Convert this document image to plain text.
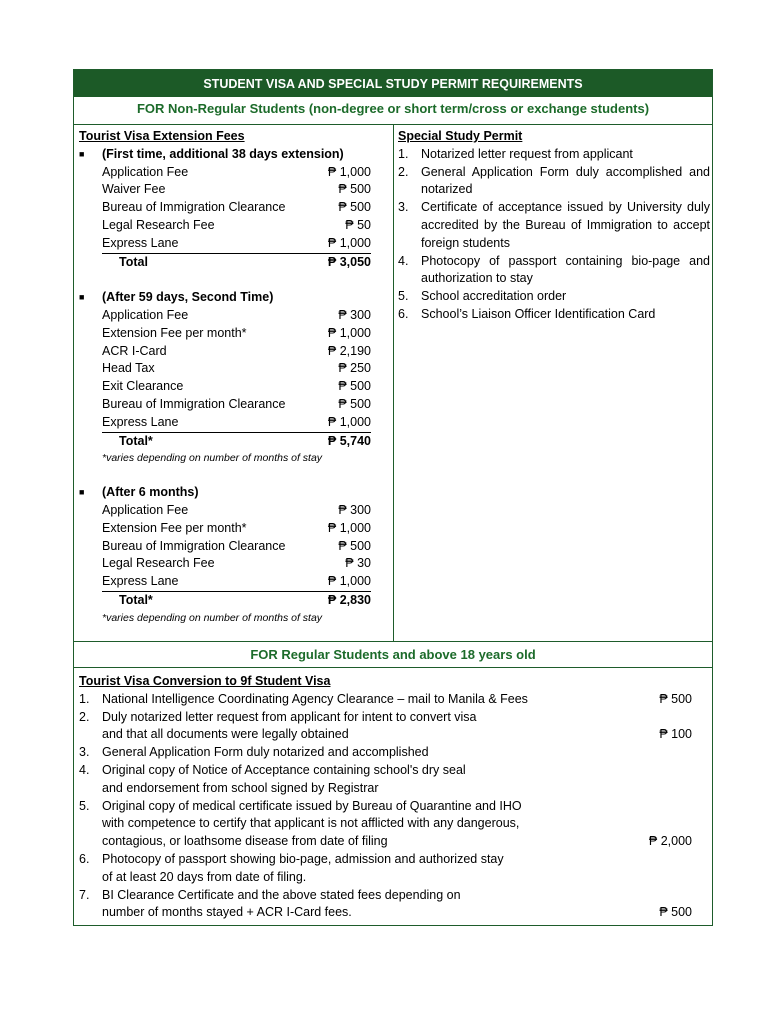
STUDENT VISA AND SPECIAL STUDY PERMIT REQUIREMENTS
FOR Non-Regular Students (non-degree or short term/cross or exchange students)
Tourist Visa Extension Fees
■	(First time, additional 38 days extension)
Application Fee	₱ 1,000
Waiver Fee	₱ 500
Bureau of Immigration Clearance	₱ 500
Legal Research Fee	₱ 50
Express Lane	₱ 1,000
Total	₱ 3,050
■	(After 59 days, Second Time)
Application Fee	₱ 300
Extension Fee per month*	₱ 1,000
ACR I-Card	₱ 2,190
Head Tax	₱ 250
Exit Clearance	₱ 500
Bureau of Immigration Clearance	₱ 500
Express Lane	₱ 1,000
Total*	₱ 5,740
*varies depending on number of months of stay
■	(After 6 months)
Application Fee	₱ 300
Extension Fee per month*	₱ 1,000
Bureau of Immigration Clearance	₱ 500
Legal Research Fee	₱ 30
Express Lane	₱ 1,000
Total*	₱ 2,830
*varies depending on number of months of stay
Special Study Permit
1.	Notarized letter request from applicant
2.	General Application Form duly accomplished and notarized
3.	Certificate of acceptance issued by University duly accredited by the Bureau of Immigration to accept foreign students
4.	Photocopy of passport containing bio-page and authorization to stay
5.	School accreditation order
6.	School’s Liaison Officer Identification Card
FOR Regular Students and above 18 years old
Tourist Visa Conversion to 9f Student Visa
1.	National Intelligence Coordinating Agency Clearance – mail to Manila & Fees	₱ 500
2.	Duly notarized letter request from applicant for intent to convert visa
and that all documents were legally obtained	₱ 100
3.	General Application Form duly notarized and accomplished
4.	Original copy of Notice of Acceptance containing school's dry seal
and endorsement from school signed by Registrar
5.	Original copy of medical certificate issued by Bureau of Quarantine and IHO
with competence to certify that applicant is not afflicted with any dangerous,
contagious, or loathsome disease from date of filing	₱ 2,000
6.	Photocopy of passport showing bio-page, admission and authorized stay
of at least 20 days from date of filing.
7.	BI Clearance Certificate and the above stated fees depending on
number of months stayed + ACR I-Card fees.	₱ 500
